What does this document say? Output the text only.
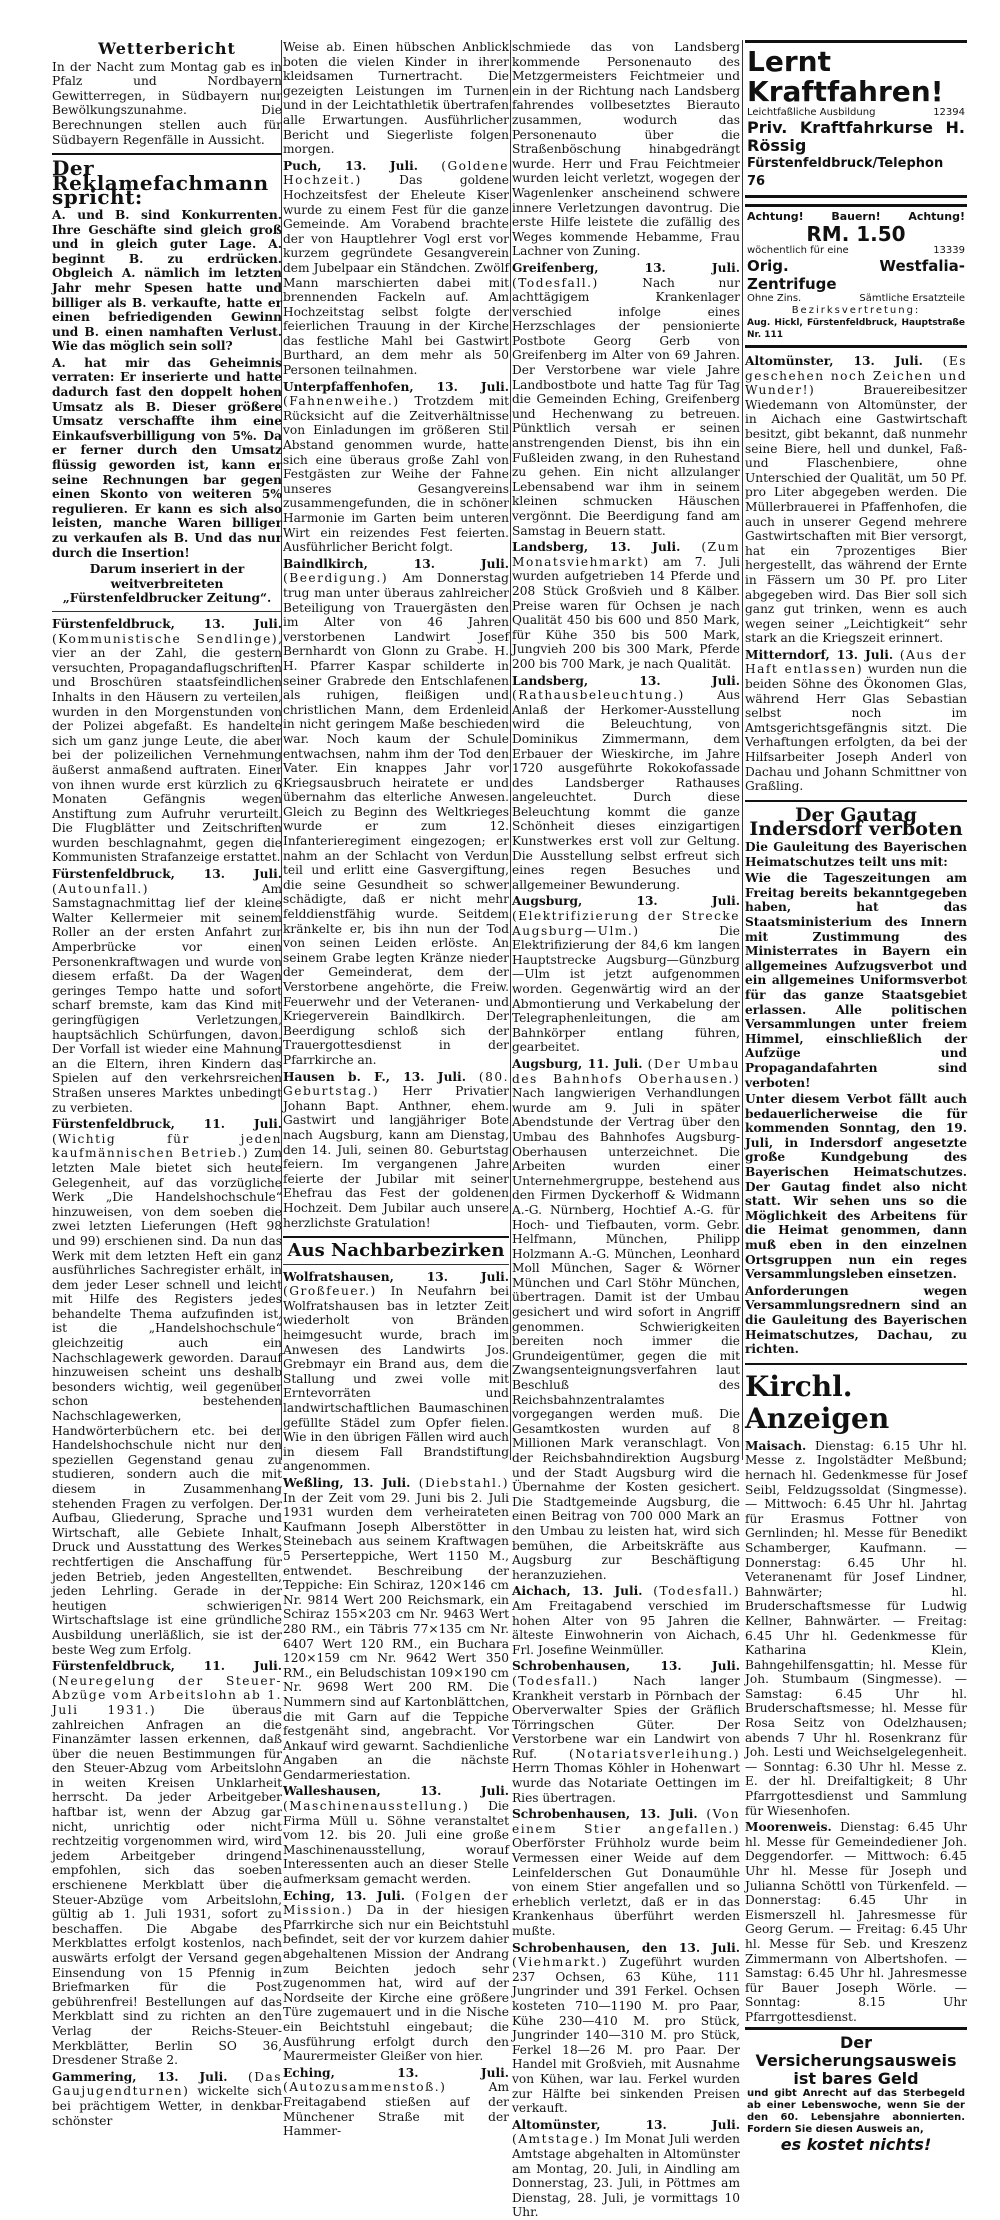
Wetterbericht

In der Nacht zum Montag gab es in Pfalz und Nordbayern Gewitterregen, in Südbayern nur Bewölkungszunahme. Die Berechnungen stellen auch für Südbayern Regenfälle in Aussicht.

Der Reklamefachmann spricht:

A. und B. sind Konkurrenten. Ihre Geschäfte sind gleich groß und in gleich guter Lage. A. beginnt B. zu erdrücken. Obgleich A. nämlich im letzten Jahr mehr Spesen hatte und billiger als B. verkaufte, hatte er einen befriedigenden Gewinn und B. einen namhaften Verlust. Wie das möglich sein soll?

A. hat mir das Geheimnis verraten: Er inserierte und hatte dadurch fast den doppelt hohen Umsatz als B. Dieser größere Umsatz verschaffte ihm eine Einkaufsverbilligung von 5%. Da er ferner durch den Umsatz flüssig geworden ist, kann er seine Rechnungen bar gegen einen Skonto von weiteren 5% regulieren. Er kann es sich also leisten, manche Waren billiger zu verkaufen als B. Und das nur durch die Insertion!

Darum inseriert in der weitverbreiteten „Fürstenfeldbrucker Zeitung“.

Fürstenfeldbruck, 13. Juli. (Kommunistische Sendlinge), vier an der Zahl, die gestern versuchten, Propagandaflugschriften und Broschüren staatsfeindlichen Inhalts in den Häusern zu verteilen, wurden in den Morgenstunden von der Polizei abgefaßt. Es handelte sich um ganz junge Leute, die aber bei der polizeilichen Vernehmung äußerst anmaßend auftraten. Einer von ihnen wurde erst kürzlich zu 6 Monaten Gefängnis wegen Anstiftung zum Aufruhr verurteilt. Die Flugblätter und Zeitschriften wurden beschlagnahmt, gegen die Kommunisten Strafanzeige erstattet.

Fürstenfeldbruck, 13. Juli. (Autounfall.) Am Samstagnachmittag lief der kleine Walter Kellermeier mit seinem Roller an der ersten Anfahrt zur Amperbrücke vor einen Personenkraftwagen und wurde von diesem erfaßt. Da der Wagen geringes Tempo hatte und sofort scharf bremste, kam das Kind mit geringfügigen Verletzungen, hauptsächlich Schürfungen, davon. Der Vorfall ist wieder eine Mahnung an die Eltern, ihren Kindern das Spielen auf den verkehrsreichen Straßen unseres Marktes unbedingt zu verbieten.

Fürstenfeldbruck, 11. Juli. (Wichtig für jeden kaufmännischen Betrieb.) Zum letzten Male bietet sich heute Gelegenheit, auf das vorzügliche Werk „Die Handelshochschule“ hinzuweisen, von dem soeben die zwei letzten Lieferungen (Heft 98 und 99) erschienen sind. Da nun das Werk mit dem letzten Heft ein ganz ausführliches Sachregister erhält, in dem jeder Leser schnell und leicht mit Hilfe des Registers jedes behandelte Thema aufzufinden ist, ist die „Handelshochschule“ gleichzeitig auch ein Nachschlagewerk geworden. Darauf hinzuweisen scheint uns deshalb besonders wichtig, weil gegenüber schon bestehenden Nachschlagewerken, Handwörterbüchern etc. bei der Handelshochschule nicht nur den speziellen Gegenstand genau zu studieren, sondern auch die mit diesem in Zusammenhang stehenden Fragen zu verfolgen. Der Aufbau, Gliederung, Sprache und Wirtschaft, alle Gebiete Inhalt, Druck und Ausstattung des Werkes rechtfertigen die Anschaffung für jeden Betrieb, jeden Angestellten, jeden Lehrling. Gerade in der heutigen schwierigen Wirtschaftslage ist eine gründliche Ausbildung unerläßlich, sie ist der beste Weg zum Erfolg.

Fürstenfeldbruck, 11. Juli. (Neuregelung der Steuer-Abzüge vom Arbeitslohn ab 1. Juli 1931.) Die überaus zahlreichen Anfragen an die Finanzämter lassen erkennen, daß über die neuen Bestimmungen für den Steuer-Abzug vom Arbeitslohn in weiten Kreisen Unklarheit herrscht. Da jeder Arbeitgeber haftbar ist, wenn der Abzug gar nicht, unrichtig oder nicht rechtzeitig vorgenommen wird, wird jedem Arbeitgeber dringend empfohlen, sich das soeben erschienene Merkblatt über die Steuer-Abzüge vom Arbeitslohn, gültig ab 1. Juli 1931, sofort zu beschaffen. Die Abgabe des Merkblattes erfolgt kostenlos, nach auswärts erfolgt der Versand gegen Einsendung von 15 Pfennig in Briefmarken für die Post gebührenfrei! Bestellungen auf das Merkblatt sind zu richten an den Verlag der Reichs-Steuer-Merkblätter, Berlin SO 36, Dresdener Straße 2.

Gammering, 13. Juli. (Das Gaujugendturnen) wickelte sich bei prächtigem Wetter, in denkbar schönster

Weise ab. Einen hübschen Anblick boten die vielen Kinder in ihrer kleidsamen Turnertracht. Die gezeigten Leistungen im Turnen und in der Leichtathletik übertrafen alle Erwartungen. Ausführlicher Bericht und Siegerliste folgen morgen.

Puch, 13. Juli. (Goldene Hochzeit.) Das goldene Hochzeitsfest der Eheleute Kiser wurde zu einem Fest für die ganze Gemeinde. Am Vorabend brachte der von Hauptlehrer Vogl erst vor kurzem gegründete Gesangverein dem Jubelpaar ein Ständchen. Zwölf Mann marschierten dabei mit brennenden Fackeln auf. Am Hochzeitstag selbst folgte der feierlichen Trauung in der Kirche das festliche Mahl bei Gastwirt Burthard, an dem mehr als 50 Personen teilnahmen.

Unterpfaffenhofen, 13. Juli. (Fahnenweihe.) Trotzdem mit Rücksicht auf die Zeitverhältnisse von Einladungen im größeren Stil Abstand genommen wurde, hatte sich eine überaus große Zahl von Festgästen zur Weihe der Fahne unseres Gesangvereins zusammengefunden, die in schöner Harmonie im Garten beim unteren Wirt ein reizendes Fest feierten. Ausführlicher Bericht folgt.

Baindlkirch, 13. Juli. (Beerdigung.) Am Donnerstag trug man unter überaus zahlreicher Beteiligung von Trauergästen den im Alter von 46 Jahren verstorbenen Landwirt Josef Bernhardt von Glonn zu Grabe. H. H. Pfarrer Kaspar schilderte in seiner Grabrede den Entschlafenen als ruhigen, fleißigen und christlichen Mann, dem Erdenleid in nicht geringem Maße beschieden war. Noch kaum der Schule entwachsen, nahm ihm der Tod den Vater. Ein knappes Jahr vor Kriegsausbruch heiratete er und übernahm das elterliche Anwesen. Gleich zu Beginn des Weltkrieges wurde er zum 12. Infanterieregiment eingezogen; er nahm an der Schlacht von Verdun teil und erlitt eine Gasvergiftung, die seine Gesundheit so schwer schädigte, daß er nicht mehr felddienstfähig wurde. Seitdem kränkelte er, bis ihn nun der Tod von seinen Leiden erlöste. An seinem Grabe legten Kränze nieder der Gemeinderat, dem der Verstorbene angehörte, die Freiw. Feuerwehr und der Veteranen- und Kriegerverein Baindlkirch. Der Beerdigung schloß sich der Trauergottesdienst in der Pfarrkirche an.

Hausen b. F., 13. Juli. (80. Geburtstag.) Herr Privatier Johann Bapt. Anthner, ehem. Gastwirt und langjähriger Bote nach Augsburg, kann am Dienstag, den 14. Juli, seinen 80. Geburtstag feiern. Im vergangenen Jahre feierte der Jubilar mit seiner Ehefrau das Fest der goldenen Hochzeit. Dem Jubilar auch unsere herzlichste Gratulation!

Aus Nachbarbezirken

Wolfratshausen, 13. Juli. (Großfeuer.) In Neufahrn bei Wolfratshausen bas in letzter Zeit wiederholt von Bränden heimgesucht wurde, brach im Anwesen des Landwirts Jos. Grebmayr ein Brand aus, dem die Stallung und zwei volle mit Erntevorräten und landwirtschaftlichen Baumaschinen gefüllte Städel zum Opfer fielen. Wie in den übrigen Fällen wird auch in diesem Fall Brandstiftung angenommen.

Weßling, 13. Juli. (Diebstahl.) In der Zeit vom 29. Juni bis 2. Juli 1931 wurden dem verheirateten Kaufmann Joseph Alberstötter in Steinebach aus seinem Kraftwagen 5 Perserteppiche, Wert 1150 M., entwendet. Beschreibung der Teppiche: Ein Schiraz, 120×146 cm Nr. 9814 Wert 200 Reichsmark, ein Schiraz 155×203 cm Nr. 9463 Wert 280 RM., ein Täbris 77×135 cm Nr. 6407 Wert 120 RM., ein Buchara 120×159 cm Nr. 9642 Wert 350 RM., ein Beludschistan 109×190 cm Nr. 9698 Wert 200 RM. Die Nummern sind auf Kartonblättchen, die mit Garn auf die Teppiche festgenäht sind, angebracht. Vor Ankauf wird gewarnt. Sachdienliche Angaben an die nächste Gendarmeriestation.

Walleshausen, 13. Juli. (Maschinenausstellung.) Die Firma Müll u. Söhne veranstaltet vom 12. bis 20. Juli eine große Maschinenausstellung, worauf Interessenten auch an dieser Stelle aufmerksam gemacht werden.

Eching, 13. Juli. (Folgen der Mission.) Da in der hiesigen Pfarrkirche sich nur ein Beichtstuhl befindet, seit der vor kurzem dahier abgehaltenen Mission der Andrang zum Beichten jedoch sehr zugenommen hat, wird auf der Nordseite der Kirche eine größere Türe zugemauert und in die Nische ein Beichtstuhl eingebaut; die Ausführung erfolgt durch den Maurermeister Gleißer von hier.

Eching, 13. Juli. (Autozusammenstoß.) Am Freitagabend stießen auf der Münchener Straße mit der Hammer-

schmiede das von Landsberg kommende Personenauto des Metzgermeisters Feichtmeier und ein in der Richtung nach Landsberg fahrendes vollbesetztes Bierauto zusammen, wodurch das Personenauto über die Straßenböschung hinabgedrängt wurde. Herr und Frau Feichtmeier wurden leicht verletzt, wogegen der Wagenlenker anscheinend schwere innere Verletzungen davontrug. Die erste Hilfe leistete die zufällig des Weges kommende Hebamme, Frau Lachner von Zuning.

Greifenberg, 13. Juli. (Todesfall.) Nach nur achttägigem Krankenlager verschied infolge eines Herzschlages der pensionierte Postbote Georg Gerb von Greifenberg im Alter von 69 Jahren. Der Verstorbene war viele Jahre Landbostbote und hatte Tag für Tag die Gemeinden Eching, Greifenberg und Hechenwang zu betreuen. Pünktlich versah er seinen anstrengenden Dienst, bis ihn ein Fußleiden zwang, in den Ruhestand zu gehen. Ein nicht allzulanger Lebensabend war ihm in seinem kleinen schmucken Häuschen vergönnt. Die Beerdigung fand am Samstag in Beuern statt.

Landsberg, 13. Juli. (Zum Monatsviehmarkt) am 7. Juli wurden aufgetrieben 14 Pferde und 208 Stück Großvieh und 8 Kälber. Preise waren für Ochsen je nach Qualität 450 bis 600 und 850 Mark, für Kühe 350 bis 500 Mark, Jungvieh 200 bis 300 Mark, Pferde 200 bis 700 Mark, je nach Qualität.

Landsberg, 13. Juli. (Rathausbeleuchtung.) Aus Anlaß der Herkomer-Ausstellung wird die Beleuchtung, von Dominikus Zimmermann, dem Erbauer der Wieskirche, im Jahre 1720 ausgeführte Rokokofassade des Landsberger Rathauses angeleuchtet. Durch diese Beleuchtung kommt die ganze Schönheit dieses einzigartigen Kunstwerkes erst voll zur Geltung. Die Ausstellung selbst erfreut sich eines regen Besuches und allgemeiner Bewunderung.

Augsburg, 13. Juli. (Elektrifizierung der Strecke Augsburg—Ulm.) Die Elektrifizierung der 84,6 km langen Hauptstrecke Augsburg—Günzburg—Ulm ist jetzt aufgenommen worden. Gegenwärtig wird an der Abmontierung und Verkabelung der Telegraphenleitungen, die am Bahnkörper entlang führen, gearbeitet.

Augsburg, 11. Juli. (Der Umbau des Bahnhofs Oberhausen.) Nach langwierigen Verhandlungen wurde am 9. Juli in später Abendstunde der Vertrag über den Umbau des Bahnhofes Augsburg-Oberhausen unterzeichnet. Die Arbeiten wurden einer Unternehmergruppe, bestehend aus den Firmen Dyckerhoff & Widmann A.-G. Nürnberg, Hochtief A.-G. für Hoch- und Tiefbauten, vorm. Gebr. Helfmann, München, Philipp Holzmann A.-G. München, Leonhard Moll München, Sager & Wörner München und Carl Stöhr München, übertragen. Damit ist der Umbau gesichert und wird sofort in Angriff genommen. Schwierigkeiten bereiten noch immer die Grundeigentümer, gegen die mit Zwangsenteignungsverfahren laut Beschluß des Reichsbahnzentralamtes vorgegangen werden muß. Die Gesamtkosten wurden auf 8 Millionen Mark veranschlagt. Von der Reichsbahndirektion Augsburg und der Stadt Augsburg wird die Übernahme der Kosten gesichert. Die Stadtgemeinde Augsburg, die einen Beitrag von 700 000 Mark an den Umbau zu leisten hat, wird sich bemühen, die Arbeitskräfte aus Augsburg zur Beschäftigung heranzuziehen.

Aichach, 13. Juli. (Todesfall.) Am Freitagabend verschied im hohen Alter von 95 Jahren die älteste Einwohnerin von Aichach, Frl. Josefine Weinmüller.

Schrobenhausen, 13. Juli. (Todesfall.) Nach langer Krankheit verstarb in Pörnbach der Oberverwalter Spies der Gräflich Törringschen Güter. Der Verstorbene war ein Landwirt von Ruf.	(Notariatsverleihung.) Herrn Thomas Köhler in Hohenwart wurde das Notariate Oettingen im Ries übertragen.

Schrobenhausen, 13. Juli. (Von einem Stier angefallen.) Oberförster Frühholz wurde beim Vermessen einer Weide auf dem Leinfelderschen Gut Donaumühle von einem Stier angefallen und so erheblich verletzt, daß er in das Krankenhaus überführt werden mußte.

Schrobenhausen, den 13. Juli. (Viehmarkt.) Zugeführt wurden 237 Ochsen, 63 Kühe, 111 Jungrinder und 391 Ferkel. Ochsen kosteten 710—1190 M. pro Paar, Kühe 230—410 M. pro Stück, Jungrinder 140—310 M. pro Stück, Ferkel 18—26 M. pro Paar. Der Handel mit Großvieh, mit Ausnahme von Kühen, war lau. Ferkel wurden zur Hälfte bei sinkenden Preisen verkauft.

Altomünster, 13. Juli. (Amtstage.) Im Monat Juli werden Amtstage abgehalten in Altomünster am Montag, 20. Juli, in Aindling am Donnerstag, 23. Juli, in Pöttmes am Dienstag, 28. Juli, je vormittags 10 Uhr.

Lernt Kraftfahren!
Leichtfaßliche Ausbildung	12394
Priv. Kraftfahrkurse H. Rössig
Fürstenfeldbruck/Telephon 76
Achtung!	Bauern!	Achtung!
RM. 1.50
wöchentlich für eine	13339
Orig. Westfalia-Zentrifuge
Ohne Zins.	Sämtliche Ersatzteile
Bezirksvertretung:
Aug. Hickl, Fürstenfeldbruck, Hauptstraße Nr. 111

Altomünster, 13. Juli. (Es geschehen noch Zeichen und Wunder!) Brauereibesitzer Wiedemann von Altomünster, der in Aichach eine Gastwirtschaft besitzt, gibt bekannt, daß nunmehr seine Biere, hell und dunkel, Faß- und Flaschenbiere, ohne Unterschied der Qualität, um 50 Pf. pro Liter abgegeben werden. Die Müllerbrauerei in Pfaffenhofen, die auch in unserer Gegend mehrere Gastwirtschaften mit Bier versorgt, hat ein 7prozentiges Bier hergestellt, das während der Ernte in Fässern um 30 Pf. pro Liter abgegeben wird. Das Bier soll sich ganz gut trinken, wenn es auch wegen seiner „Leichtigkeit“ sehr stark an die Kriegszeit erinnert.

Mitterndorf, 13. Juli. (Aus der Haft entlassen) wurden nun die beiden Söhne des Ökonomen Glas, während Herr Glas Sebastian selbst noch im Amtsgerichtsgefängnis sitzt. Die Verhaftungen erfolgten, da bei der Hilfsarbeiter Joseph Anderl von Dachau und Johann Schmittner von Graßling.

Der Gautag Indersdorf verboten

Die Gauleitung des Bayerischen Heimatschutzes teilt uns mit:

Wie die Tageszeitungen am Freitag bereits bekanntgegeben haben, hat das Staatsministerium des Innern mit Zustimmung des Ministerrates in Bayern ein allgemeines Aufzugsverbot und ein allgemeines Uniformsverbot für das ganze Staatsgebiet erlassen. Alle politischen Versammlungen unter freiem Himmel, einschließlich der Aufzüge und Propagandafahrten sind verboten!

Unter diesem Verbot fällt auch bedauerlicherweise die für kommenden Sonntag, den 19. Juli, in Indersdorf angesetzte große Kundgebung des Bayerischen Heimatschutzes. Der Gautag findet also nicht statt. Wir sehen uns so die Möglichkeit des Arbeitens für die Heimat genommen, dann muß eben in den einzelnen Ortsgruppen nun ein reges Versammlungsleben einsetzen.

Anforderungen wegen Versammlungsrednern sind an die Gauleitung des Bayerischen Heimatschutzes, Dachau, zu richten.

Kirchl. Anzeigen

Maisach. Dienstag: 6.15 Uhr hl. Messe z. Ingolstädter Meßbund; hernach hl. Gedenkmesse für Josef Seibl, Feldzugssoldat (Singmesse). — Mittwoch: 6.45 Uhr hl. Jahrtag für Erasmus Fottner von Gernlinden; hl. Messe für Benedikt Schamberger, Kaufmann. — Donnerstag: 6.45 Uhr hl. Veteranenamt für Josef Lindner, Bahnwärter; hl. Bruderschaftsmesse für Ludwig Kellner, Bahnwärter. — Freitag: 6.45 Uhr hl. Gedenkmesse für Katharina Klein, Bahngehilfensgattin; hl. Messe für Joh. Stumbaum (Singmesse). — Samstag: 6.45 Uhr hl. Bruderschaftsmesse; hl. Messe für Rosa Seitz von Odelzhausen; abends 7 Uhr hl. Rosenkranz für Joh. Lesti und Weichselgelegenheit. — Sonntag: 6.30 Uhr hl. Messe z. E. der hl. Dreifaltigkeit; 8 Uhr Pfarrgottesdienst und Sammlung für Wiesenhofen.

Moorenweis. Dienstag: 6.45 Uhr hl. Messe für Gemeindediener Joh. Deggendorfer. — Mittwoch: 6.45 Uhr hl. Messe für Joseph und Julianna Schöttl von Türkenfeld. — Donnerstag: 6.45 Uhr in Eismerszell hl. Jahresmesse für Georg Gerum. — Freitag: 6.45 Uhr hl. Messe für Seb. und Kreszenz Zimmermann von Albertshofen. — Samstag: 6.45 Uhr hl. Jahresmesse für Bauer Joseph Wörle. — Sonntag: 8.15 Uhr Pfarrgottesdienst.

Der Versicherungsausweis ist bares Geld
und gibt Anrecht auf das Sterbegeld ab einer Lebenswoche, wenn Sie der den 60. Lebensjahre abonnierten. Fordern Sie diesen Ausweis an,
es kostet nichts!
